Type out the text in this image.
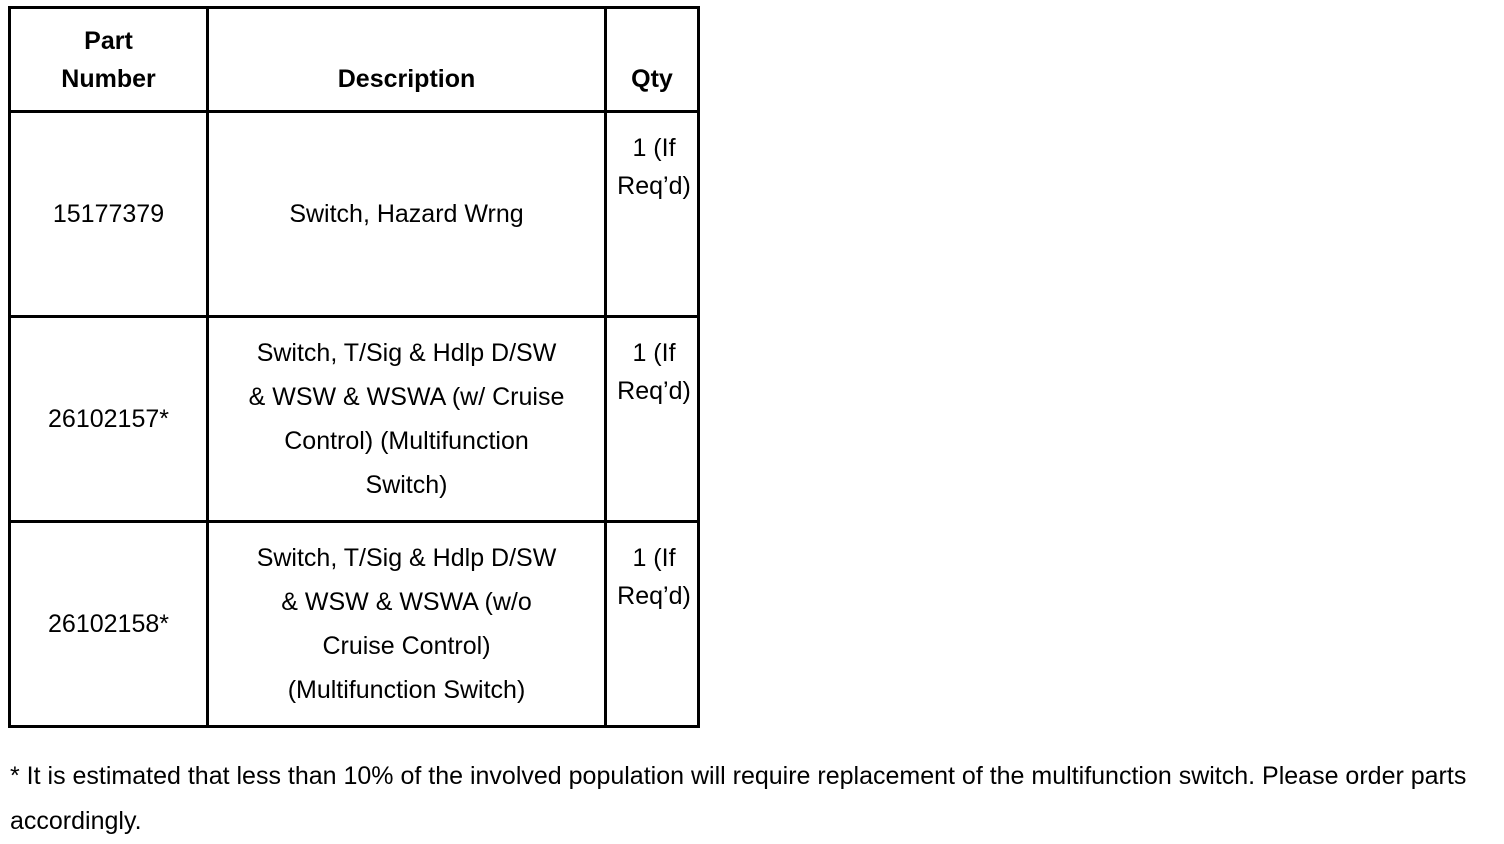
Part
Number	Description	Qty

15177379	Switch, Hazard Wrng	1 (If
Req’d)

26102157*	Switch, T/Sig & Hdlp D/SW
& WSW & WSWA (w/ Cruise
Control) (Multifunction
Switch)	1 (If
Req’d)

26102158*	Switch, T/Sig & Hdlp D/SW
& WSW & WSWA (w/o
Cruise Control)
(Multifunction Switch)	1 (If
Req’d)

* It is estimated that less than 10% of the involved population will require replacement of the multifunction switch. Please order parts accordingly.
